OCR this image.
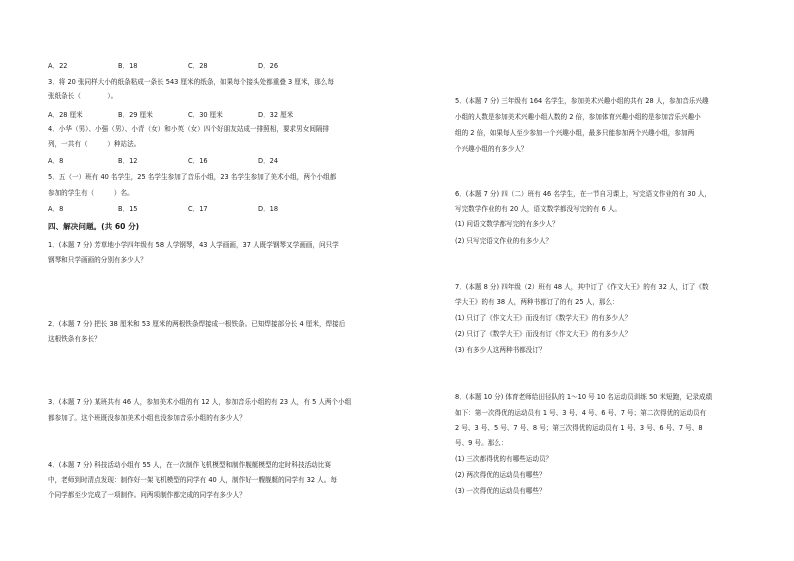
A．22	B．18	C．28	D．26
3．将 20 张同样大小的纸条粘成一条长 543 厘米的纸条，如果每个接头处都重叠 3 厘米，那么每
张纸条长（　　　　）。
A．28 厘米	B．29 厘米	C．30 厘米	D．32 厘米
4．小华（男）、小强（男）、小青（女）和小英（女）四个好朋友站成一排照相，要求男女间隔排
列，一共有（　　　）种站法。
A．8	B．12	C．16	D．24
5．五（一）班有 40 名学生，25 名学生参加了音乐小组，23 名学生参加了美术小组，两个小组都
参加的学生有（　　　）名。
A．8	B．15	C．17	D．18
四、解决问题。(共 60 分)
1．(本题 7 分) 芳草地小学四年级有 58 人学钢琴，43 人学画画，37 人既学钢琴又学画画，问只学
钢琴和只学画画的分别有多少人？
2．(本题 7 分) 把长 38 厘米和 53 厘米的两根铁条焊接成一根铁条。已知焊接部分长 4 厘米，焊接后
这根铁条有多长？
3．(本题 7 分) 某班共有 46 人，参加美术小组的有 12 人，参加音乐小组的有 23 人，有 5 人两个小组
都参加了。这个班既没参加美术小组也没参加音乐小组的有多少人？
4．(本题 7 分) 科技活动小组有 55 人，在一次制作飞机模型和制作舰艇模型的定时科技活动比赛
中，老师到时清点发现：制作好一架飞机模型的同学有 40 人，制作好一艘舰艇的同学有 32 人。每
个同学都至少完成了一项制作。问两项制作都完成的同学有多少人？
5．(本题 7 分) 三年级有 164 名学生，参加美术兴趣小组的共有 28 人，参加音乐兴趣
小组的人数是参加美术兴趣小组人数的 2 倍，参加体育兴趣小组的是参加音乐兴趣小
组的 2 倍，如果每人至少参加一个兴趣小组，最多只能参加两个兴趣小组，参加两
个兴趣小组的有多少人？
6．(本题 7 分) 四（二）班有 46 名学生，在一节自习课上，写完语文作业的有 30 人，
写完数学作业的有 20 人，语文数学都没写完的有 6 人。
(1) 问语文数学都写完的有多少人？
(2) 只写完语文作业的有多少人？
7．(本题 8 分) 四年级（2）班有 48 人，其中订了《作文大王》的有 32 人，订了《数
学大王》的有 38 人，两种书都订了的有 25 人，那么：
(1) 只订了《作文大王》而没有订《数学大王》的有多少人？
(2) 只订了《数学大王》而没有订《作文大王》的有多少人？
(3) 有多少人这两种书都没订？
8．(本题 10 分) 体育老师给田径队的 1～10 号 10 名运动员训练 50 米短跑，记录成绩
如下：第一次得优的运动员有 1 号、3 号、4 号、6 号、7 号；第二次得优的运动员有
2 号、3 号、5 号、7 号、8 号；第三次得优的运动员有 1 号、3 号、6 号、7 号、8
号、9 号。那么：
(1) 三次都得优的有哪些运动员？
(2) 两次得优的运动员有哪些？
(3) 一次得优的运动员有哪些？
